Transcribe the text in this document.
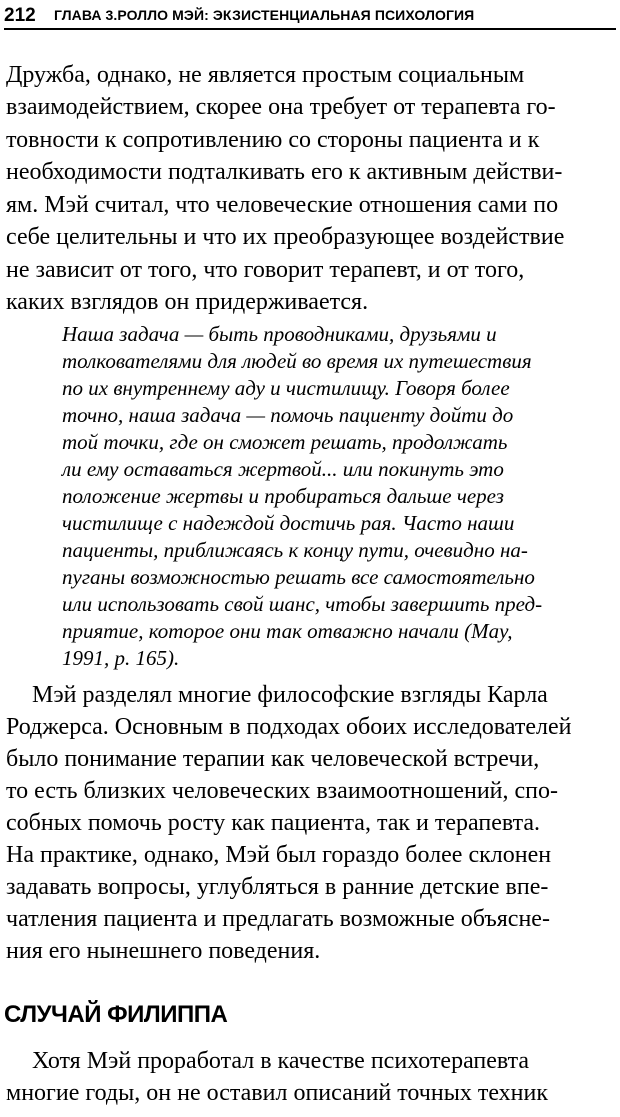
212 ГЛАВА 3.РОЛЛО МЭЙ: ЭКЗИСТЕНЦИАЛЬНАЯ ПСИХОЛОГИЯ
Дружба, однако, не является простым социальным
взаимодействием, скорее она требует от терапевта го-
товности к сопротивлению со стороны пациента и к
необходимости подталкивать его к активным действи-
ям. Мэй считал, что человеческие отношения сами по
себе целительны и что их преобразующее воздействие
не зависит от того, что говорит терапевт, и от того,
каких взглядов он придерживается.
Наша задача — быть проводниками, друзьями и
толкователями для людей во время их путешествия
по их внутреннему аду и чистилищу. Говоря более
точно, наша задача — помочь пациенту дойти до
той точки, где он сможет решать, продолжать
ли ему оставаться жертвой... или покинуть это
положение жертвы и пробираться дальше через
чистилище с надеждой достичь рая. Часто наши
пациенты, приближаясь к концу пути, очевидно на-
пуганы возможностью решать все самостоятельно
или использовать свой шанс, чтобы завершить пред-
приятие, которое они так отважно начали (May,
1991, p. 165).
Мэй разделял многие философские взгляды Карла
Роджерса. Основным в подходах обоих исследователей
было понимание терапии как человеческой встречи,
то есть близких человеческих взаимоотношений, спо-
собных помочь росту как пациента, так и терапевта.
На практике, однако, Мэй был гораздо более склонен
задавать вопросы, углубляться в ранние детские впе-
чатления пациента и предлагать возможные объясне-
ния его нынешнего поведения.
СЛУЧАЙ ФИЛИППА
Хотя Мэй проработал в качестве психотерапевта
многие годы, он не оставил описаний точных техник
